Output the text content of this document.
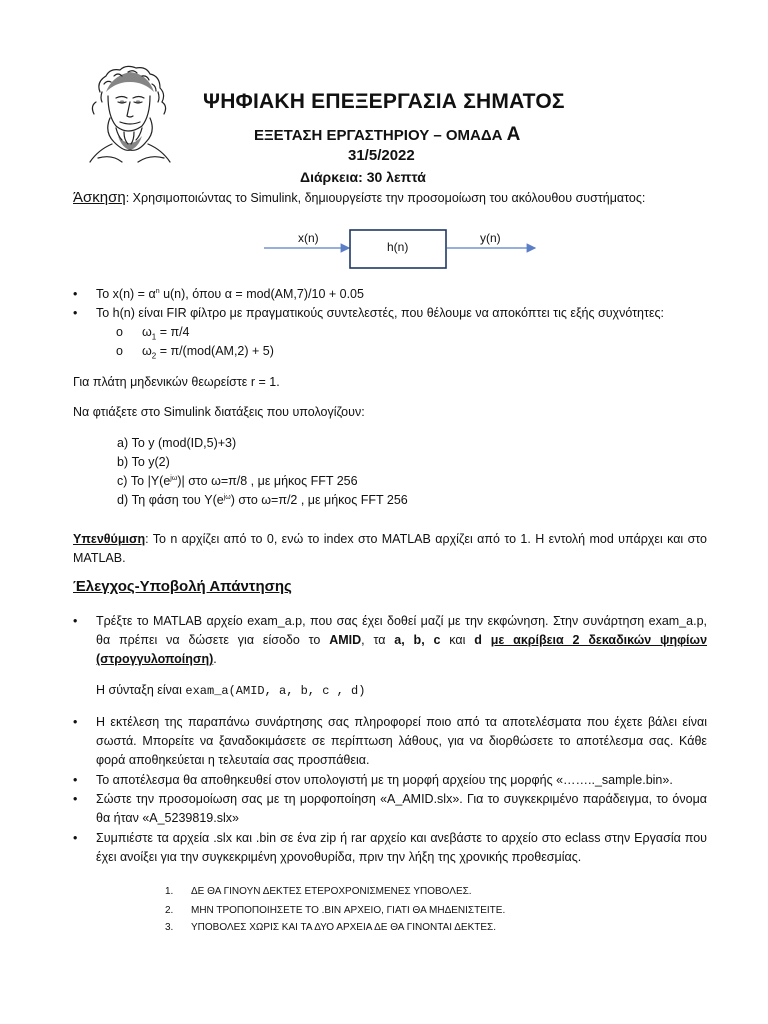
ΨΗΦΙΑΚΗ ΕΠΕΞΕΡΓΑΣΙΑ ΣΗΜΑΤΟΣ
ΕΞΕΤΑΣΗ ΕΡΓΑΣΤΗΡΙΟΥ – ΟΜΑΔΑ A
31/5/2022
Διάρκεια: 30 λεπτά
Άσκηση: Χρησιμοποιώντας το Simulink, δημιουργείστε την προσομοίωση του ακόλουθου συστήματος:
x(n)
h(n)
y(n)
• Το $x(n) = \alpha^n$ u(n), όπου α = mod(AM,7)/10 + 0.05
• Το h(n) είναι FIR φίλτρο με πραγματικούς συντελεστές, που θέλουμε να αποκόπτει τις εξής συχνότητες:
o $\omega_1 = \pi/4$
o $\omega_2 = \pi/(mod(AM,2) + 5)$
Για πλάτη μηδενικών θεωρείστε r = 1.
Να φτιάξετε στο Simulink διατάξεις που υπολογίζουν:
a) Το y (mod(ID,5)+3)
b) Το y(2)
c) Το $|Y(e^{j\omega})|$ στο ω=π/8 , με μήκος FFT 256
d) Τη φάση του $Y(e^{j\omega})$ στο ω=π/2 , με μήκος FFT 256
Υπενθύμιση: Το n αρχίζει από το 0, ενώ το index στο MATLAB αρχίζει από το 1. Η εντολή mod υπάρχει και στο MATLAB.
Έλεγχος-Υποβολή Απάντησης
• Τρέξτε το MATLAB αρχείο exam_a.p, που σας έχει δοθεί μαζί με την εκφώνηση. Στην συνάρτηση exam_a.p, θα πρέπει να δώσετε για είσοδο το AMID, τα a, b, c και d με ακρίβεια 2 δεκαδικών ψηφίων (στρογγυλοποίηση).
Η σύνταξη είναι exam_a(AMID, a, b, c , d)
• Η εκτέλεση της παραπάνω συνάρτησης σας πληροφορεί ποιο από τα αποτελέσματα που έχετε βάλει είναι σωστά. Μπορείτε να ξαναδοκιμάσετε σε περίπτωση λάθους, για να διορθώσετε το αποτέλεσμα σας. Κάθε φορά αποθηκεύεται η τελευταία σας προσπάθεια.
• Το αποτέλεσμα θα αποθηκευθεί στον υπολογιστή με τη μορφή αρχείου της μορφής «…….._sample.bin».
• Σώστε την προσομοίωση σας με τη μορφοποίηση «A_AMID.slx». Για το συγκεκριμένο παράδειγμα, το όνομα θα ήταν «A_5239819.slx»
• Συμπιέστε τα αρχεία .slx και .bin σε ένα zip ή rar αρχείο και ανεβάστε το αρχείο στο eclass στην Εργασία που έχει ανοίξει για την συγκεκριμένη χρονοθυρίδα, πριν την λήξη της χρονικής προθεσμίας.
1. ΔΕ ΘΑ ΓΙΝΟΥΝ ΔΕΚΤΕΣ ΕΤΕΡΟΧΡΟΝΙΣΜΕΝΕΣ ΥΠΟΒΟΛΕΣ.
2. ΜΗΝ ΤΡΟΠΟΠΟΙΗΣΕΤΕ ΤΟ .BIN ΑΡΧΕΙΟ, ΓΙΑΤΙ ΘΑ ΜΗΔΕΝΙΣΤΕΙΤΕ.
3. ΥΠΟΒΟΛΕΣ ΧΩΡΙΣ ΚΑΙ ΤΑ ΔΥΟ ΑΡΧΕΙΑ ΔΕ ΘΑ ΓΙΝΟΝΤΑΙ ΔΕΚΤΕΣ.
